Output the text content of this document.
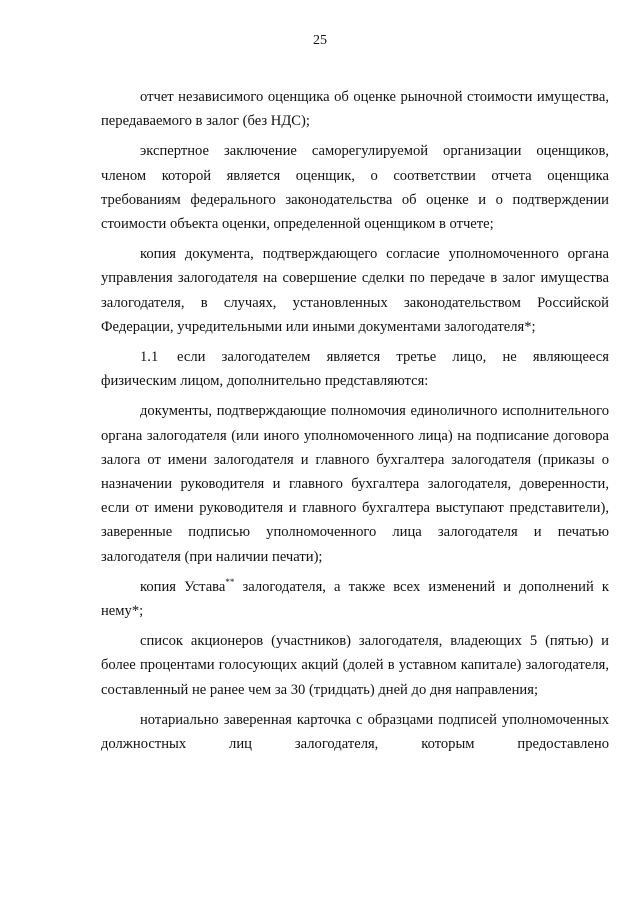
25

отчет независимого оценщика об оценке рыночной стоимости имущества, передаваемого в залог (без НДС);

экспертное заключение саморегулируемой организации оценщиков, членом которой является оценщик, о соответствии отчета оценщика требованиям федерального законодательства об оценке и о подтверждении стоимости объекта оценки, определенной оценщиком в отчете;

копия документа, подтверждающего согласие уполномоченного органа управления залогодателя на совершение сделки по передаче в залог имущества залогодателя, в случаях, установленных законодательством Российской Федерации, учредительными или иными документами залогодателя*;

1.1 если залогодателем является третье лицо, не являющееся физическим лицом, дополнительно представляются:

документы, подтверждающие полномочия единоличного исполнительного органа залогодателя (или иного уполномоченного лица) на подписание договора залога от имени залогодателя и главного бухгалтера залогодателя (приказы о назначении руководителя и главного бухгалтера залогодателя, доверенности, если от имени руководителя и главного бухгалтера выступают представители), заверенные подписью уполномоченного лица залогодателя и печатью залогодателя (при наличии печати);

копия Устава** залогодателя, а также всех изменений и дополнений к нему*;

список акционеров (участников) залогодателя, владеющих 5 (пятью) и более процентами голосующих акций (долей в уставном капитале) залогодателя, составленный не ранее чем за 30 (тридцать) дней до дня направления;

нотариально заверенная карточка с образцами подписей уполномоченных должностных лиц залогодателя, которым предоставлено
